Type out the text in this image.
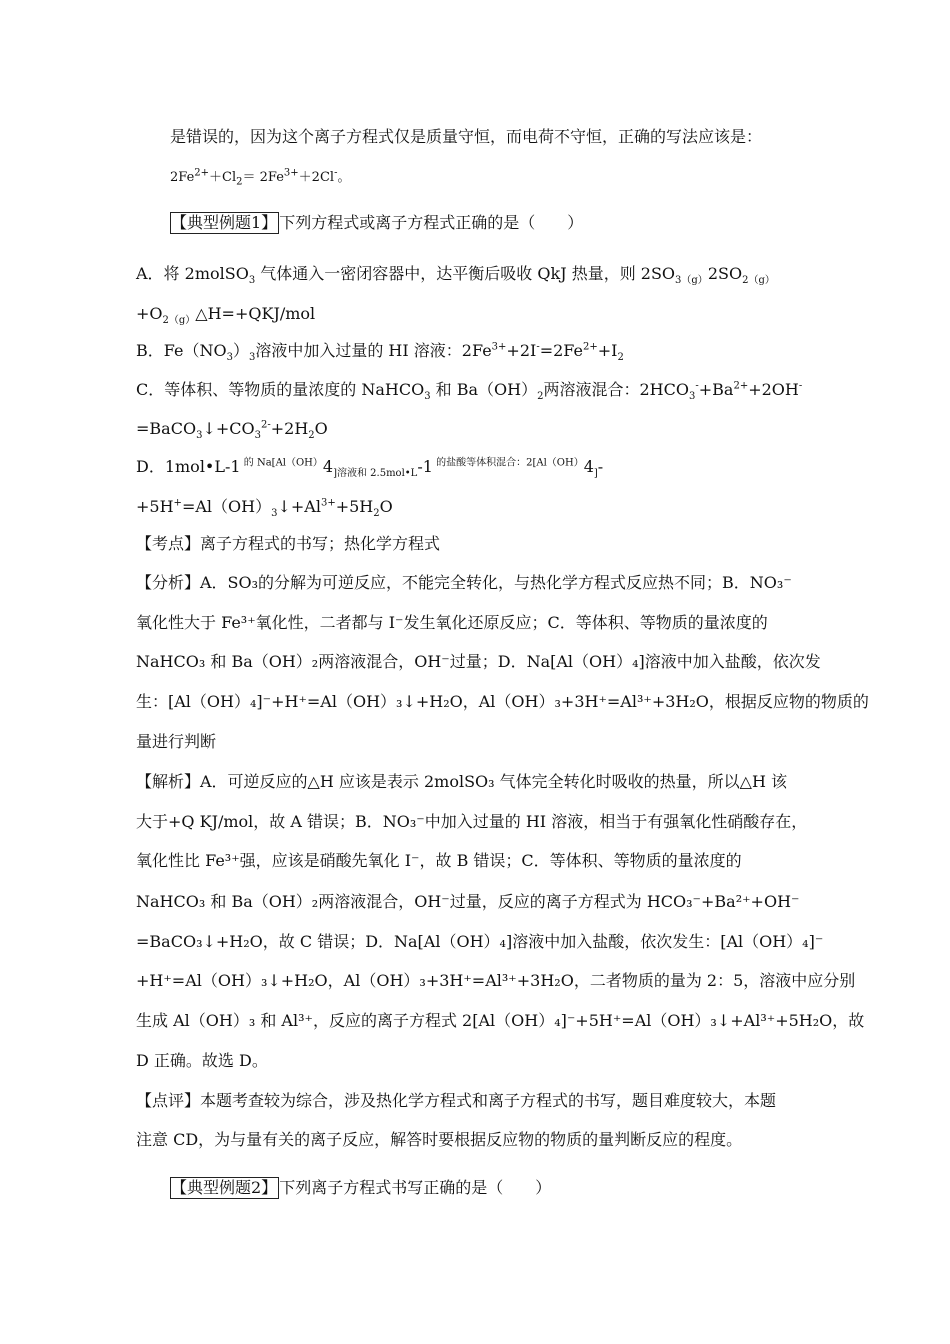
是错误的，因为这个离子方程式仅是质量守恒，而电荷不守恒，正确的写法应该是：
$2Fe^{2+}+Cl_2= 2Fe^{3+}+2Cl^-$。
【典型例题1】 下列方程式或离子方程式正确的是（　　）
A．将 2molSO$_3$ 气体通入一密闭容器中，达平衡后吸收 QkJ 热量，则 $2SO_{3(g)}2SO_{2(g)}$
$+O_{2(g)}\triangle H=+QKJ$/mol
B．$Fe(NO_3)_3$溶液中加入过量的 HI 溶液：$2Fe^{3+}+2I^-=2Fe^{2+}+I_2$
C．等体积、等物质的量浓度的 NaHCO$_3$ 和 $Ba(OH)_2$两溶液混合：$2HCO_3^-+Ba^{2+}+2OH^-$
$=BaCO_3↓+CO_3^{2-}+2H_2O$
D．1mol•L-1 $^{的 Na[Al(OH)}4_{]溶液和 2.5mol•L}-1$ $^{的盐酸等体积混合:2[Al(OH)}4_]-$
$+5H^+=Al(OH)_3↓+Al^{3+}+5H_2O$
【考点】离子方程式的书写；热化学方程式
【分析】A．SO₃的分解为可逆反应，不能完全转化，与热化学方程式反应热不同；B．NO₃⁻
氧化性大于 Fe³⁺氧化性，二者都与 I⁻发生氧化还原反应；C．等体积、等物质的量浓度的
NaHCO₃ 和 Ba（OH）₂两溶液混合，OH⁻过量；D．Na[Al（OH）₄]溶液中加入盐酸，依次发
生：[Al（OH）₄]⁻+H⁺=Al（OH）₃↓+H₂O，Al（OH）₃+3H⁺=Al³⁺+3H₂O，根据反应物的物质的
量进行判断
【解析】A．可逆反应的△H 应该是表示 2molSO₃ 气体完全转化时吸收的热量，所以△H 该
大于+Q KJ/mol，故 A 错误；B．NO₃⁻中加入过量的 HI 溶液，相当于有强氧化性硝酸存在，
氧化性比 Fe³⁺强，应该是硝酸先氧化 I⁻，故 B 错误；C．等体积、等物质的量浓度的
NaHCO₃ 和 Ba（OH）₂两溶液混合，OH⁻过量，反应的离子方程式为 HCO₃⁻+Ba²⁺+OH⁻
=BaCO₃↓+H₂O，故 C 错误；D．Na[Al（OH）₄]溶液中加入盐酸，依次发生：[Al（OH）₄]⁻
+H⁺=Al（OH）₃↓+H₂O，Al（OH）₃+3H⁺=Al³⁺+3H₂O，二者物质的量为 2：5，溶液中应分别
生成 Al（OH）₃ 和 Al³⁺，反应的离子方程式 2[Al（OH）₄]⁻+5H⁺=Al（OH）₃↓+Al³⁺+5H₂O，故
D 正确。故选 D。
【点评】本题考查较为综合，涉及热化学方程式和离子方程式的书写，题目难度较大，本题
注意 CD，为与量有关的离子反应，解答时要根据反应物的物质的量判断反应的程度。
【典型例题2】 下列离子方程式书写正确的是（　　）
